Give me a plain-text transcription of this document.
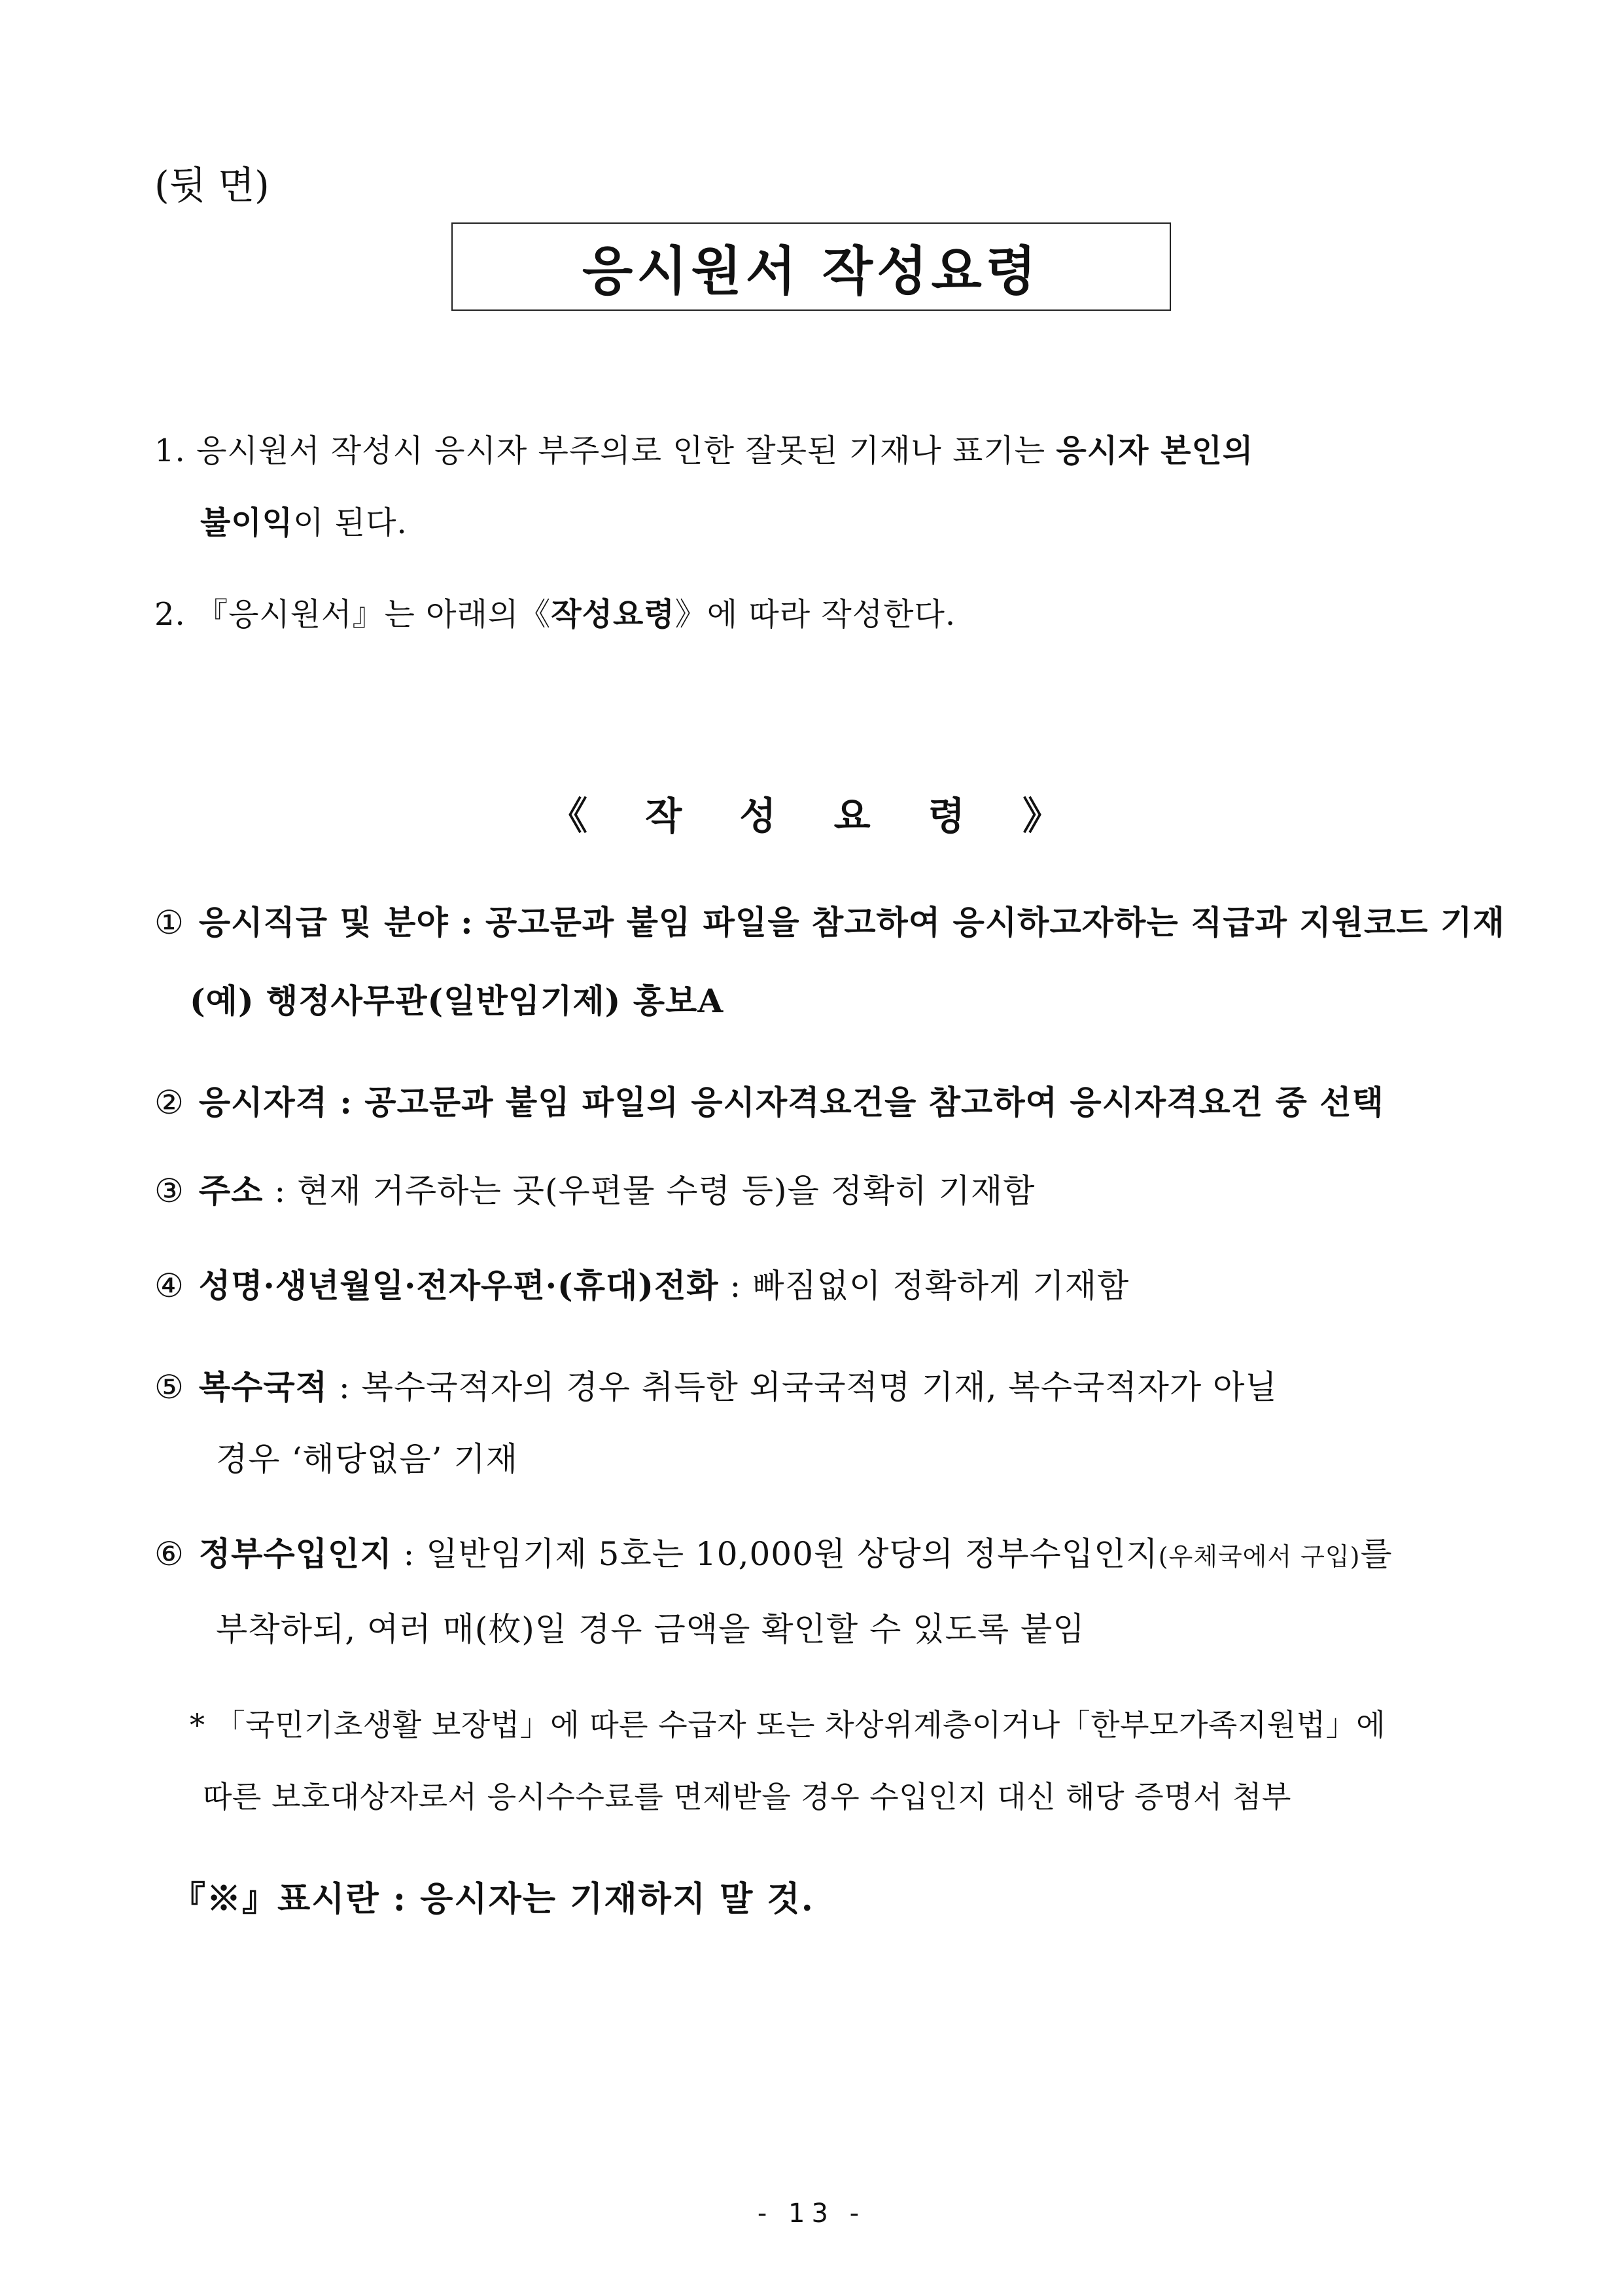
(뒷 면)
응시원서 작성요령
1. 응시원서 작성시 응시자 부주의로 인한 잘못된 기재나 표기는 응시자 본인의
불이익이 된다.
2. 『응시원서』는 아래의《작성요령》에 따라 작성한다.
《 작 성 요 령 》
① 응시직급 및 분야 : 공고문과 붙임 파일을 참고하여 응시하고자하는 직급과 지원코드 기재
(예) 행정사무관(일반임기제) 홍보A
② 응시자격 : 공고문과 붙임 파일의 응시자격요건을 참고하여 응시자격요건 중 선택
③ 주소 : 현재 거주하는 곳(우편물 수령 등)을 정확히 기재함
④ 성명·생년월일·전자우편·(휴대)전화 : 빠짐없이 정확하게 기재함
⑤ 복수국적 : 복수국적자의 경우 취득한 외국국적명 기재, 복수국적자가 아닐
경우 ‘해당없음’ 기재
⑥ 정부수입인지 : 일반임기제 5호는 10,000원 상당의 정부수입인지(우체국에서 구입)를
부착하되, 여러 매(枚)일 경우 금액을 확인할 수 있도록 붙임
* 「국민기초생활 보장법」에 따른 수급자 또는 차상위계층이거나「한부모가족지원법」에
따른 보호대상자로서 응시수수료를 면제받을 경우 수입인지 대신 해당 증명서 첨부
『※』표시란 : 응시자는 기재하지 말 것.
- 13 -
